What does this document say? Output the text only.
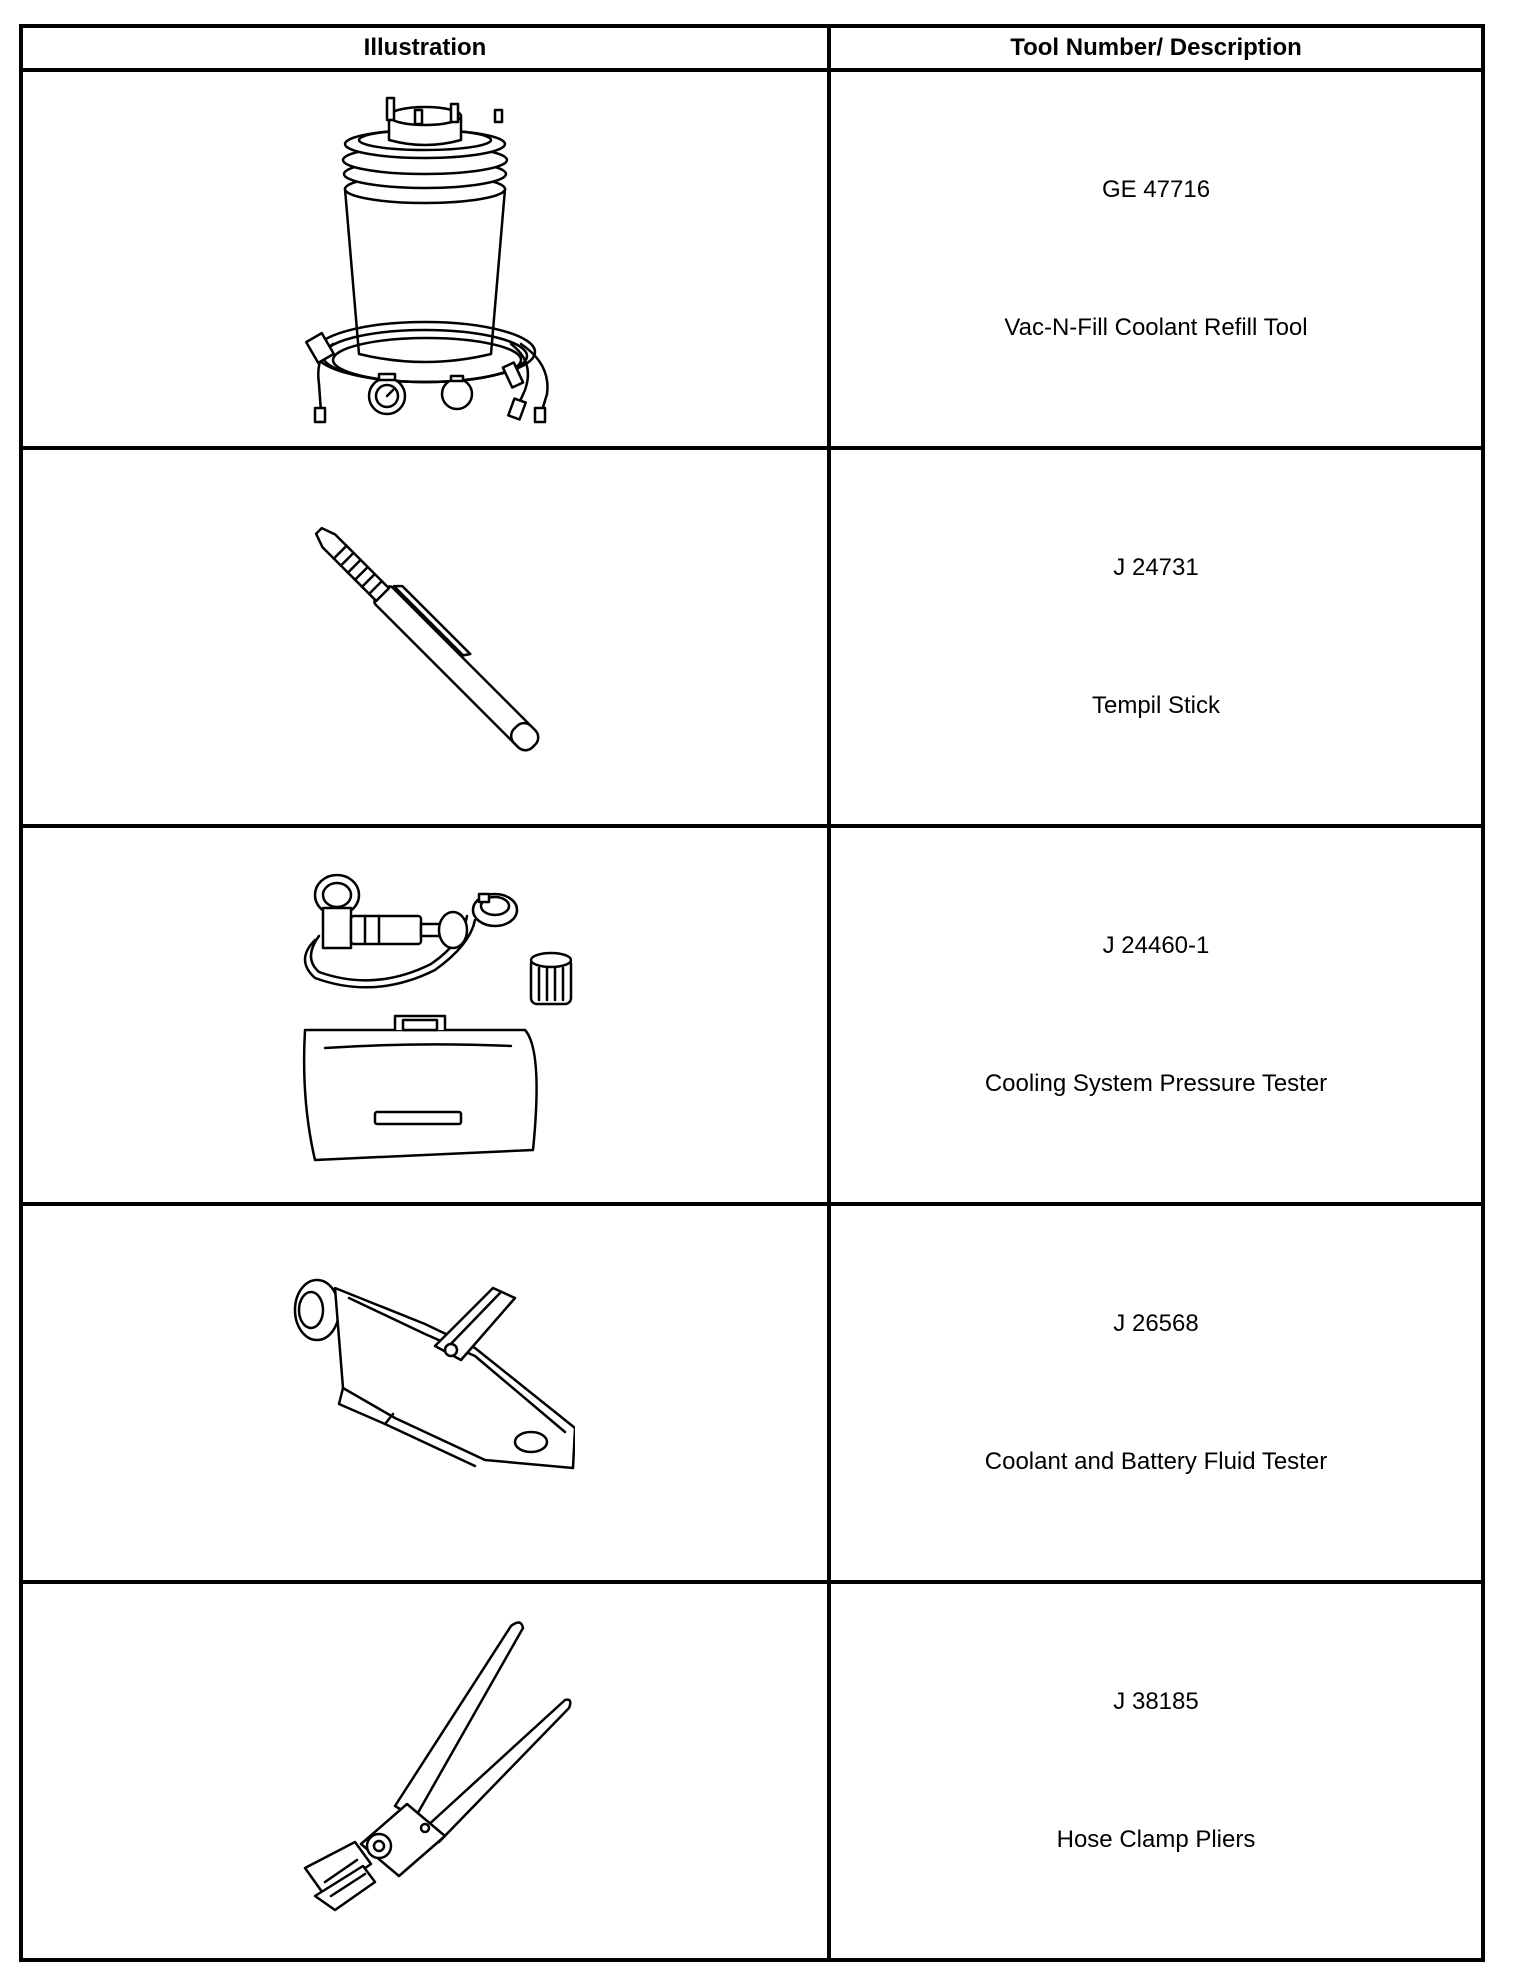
Illustration	Tool Number/ Description

GE 47716
Vac-N-Fill Coolant Refill Tool

J 24731
Tempil Stick

J 24460-1
Cooling System Pressure Tester

J 26568
Coolant and Battery Fluid Tester

J 38185
Hose Clamp Pliers
